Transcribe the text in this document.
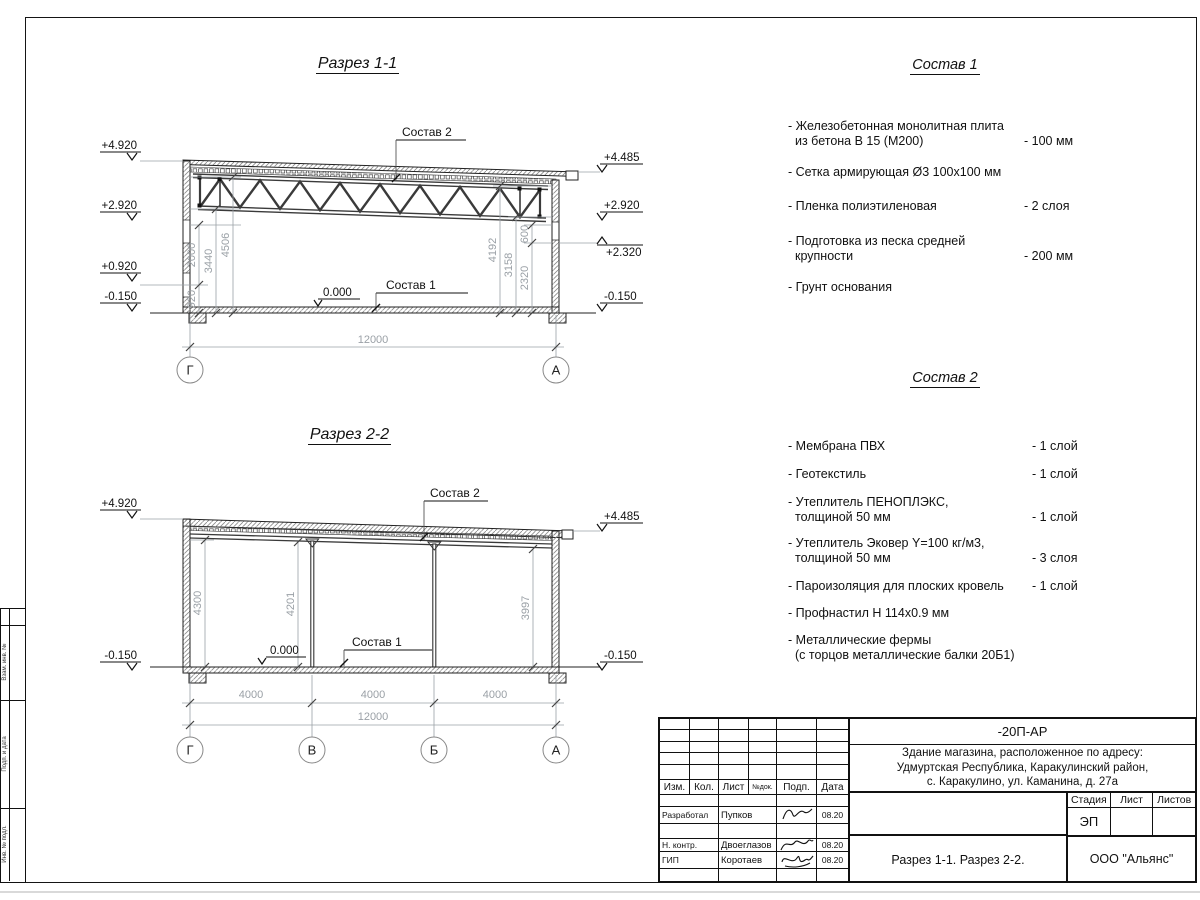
+4.920
+2.920
+0.920
-0.150
+4.485
+2.920
+2.320
-0.150
920
2000 3440
4506	4192
3158
2320
600
12000
Состав 2
Состав 1
0.000
Г	А
+4.920
-0.150
+4.485
-0.150
4300	4201	3997
4000	4000	4000
12000
Состав 2
Состав 1
0.000
Г	В	Б	А
Разрез 1-1
Разрез 2-2
Состав 1
- Железобетонная монолитная плита
из бетона В 15 (М200)	- 100 мм
- Сетка армирующая Ø3 100х100 мм
- Пленка полиэтиленовая	- 2 слоя
- Подготовка из песка средней
крупности	- 200 мм
- Грунт основания
Состав 2
- Мембрана ПВХ	- 1 слой
- Геотекстиль	- 1 слой
- Утеплитель ПЕНОПЛЭКС,
толщиной 50 мм	- 1 слой
- Утеплитель Эковер Y=100 кг/м3,
толщиной 50 мм	- 3 слоя
- Пароизоляция для плоских кровель	- 1 слой
- Профнастил Н 114х0.9 мм
- Металлические фермы
(с торцов металлические балки 20Б1)
Изм. Кол. Лист	№док.	Подп.	Дата
Разработал	Пупков	08.20
Н. контр.	Двоеглазов	08.20
ГИП	Коротаев	08.20
-20П-АР
Здание магазина, расположенное по адресу:
Удмуртская Республика, Каракулинский район,
с. Каракулино, ул. Каманина, д. 27а
Разрез 1-1. Разрез 2-2.
Стадия	Лист	Листов
ЭП
ООО "Альянс"
Взам. инв. №
Подп. и дата
Инв. № подл.
